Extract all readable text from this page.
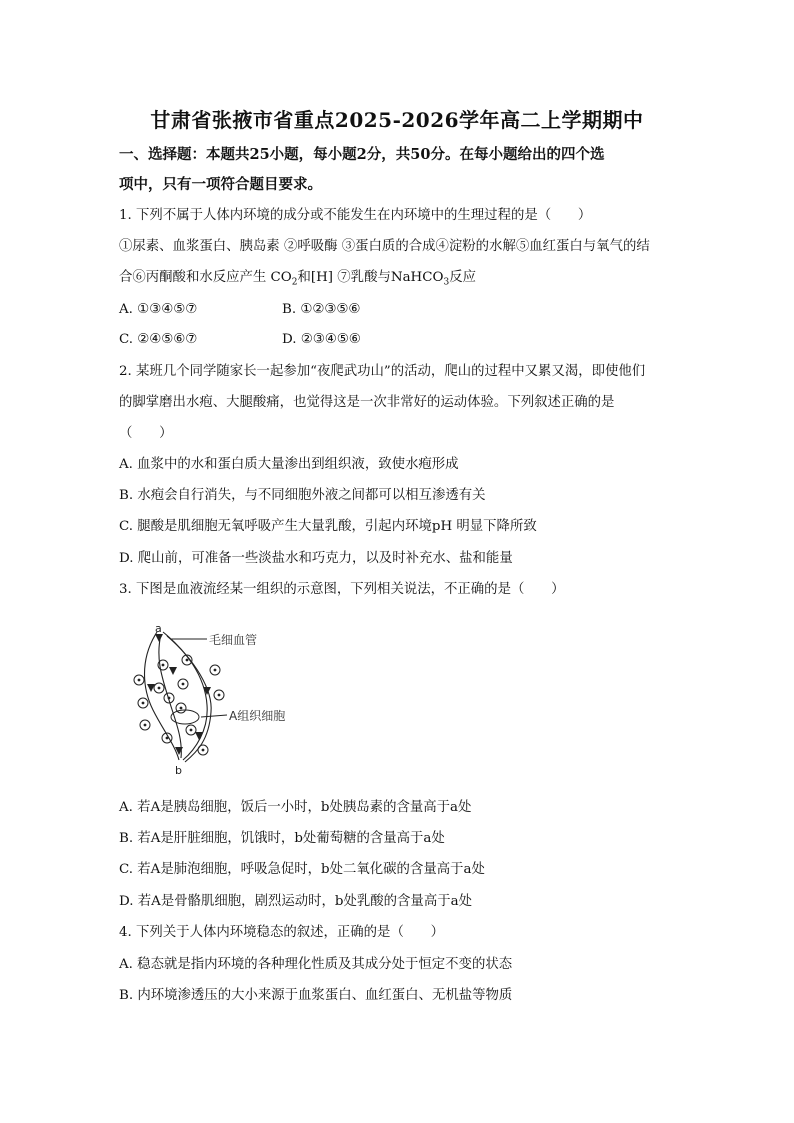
甘肃省张掖市省重点2025-2026学年高二上学期期中
一、选择题：本题共25小题，每小题2分，共50分。在每小题给出的四个选
项中，只有一项符合题目要求。
1. 下列不属于人体内环境的成分或不能发生在内环境中的生理过程的是（　　）
①尿素、血浆蛋白、胰岛素 ②呼吸酶 ③蛋白质的合成④淀粉的水解⑤血红蛋白与氧气的结
合⑥丙酮酸和水反应产生 $CO_2$和[H] ⑦乳酸与NaHCO$_3$反应
A. ①③④⑤⑦	B. ①②③⑤⑥
C. ②④⑤⑥⑦	D. ②③④⑤⑥
2. 某班几个同学随家长一起参加“夜爬武功山”的活动，爬山的过程中又累又渴，即使他们
的脚掌磨出水疱、大腿酸痛，也觉得这是一次非常好的运动体验。下列叙述正确的是
（　　）
A. 血浆中的水和蛋白质大量渗出到组织液，致使水疱形成
B. 水疱会自行消失，与不同细胞外液之间都可以相互渗透有关
C. 腿酸是肌细胞无氧呼吸产生大量乳酸，引起内环境pH 明显下降所致
D. 爬山前，可准备一些淡盐水和巧克力，以及时补充水、盐和能量
3. 下图是血液流经某一组织的示意图，下列相关说法，不正确的是（　　）
a
毛细血管
A组织细胞
b
A. 若A是胰岛细胞，饭后一小时，b处胰岛素的含量高于a处
B. 若A是肝脏细胞，饥饿时，b处葡萄糖的含量高于a处
C. 若A是肺泡细胞，呼吸急促时，b处二氧化碳的含量高于a处
D. 若A是骨骼肌细胞，剧烈运动时，b处乳酸的含量高于a处
4. 下列关于人体内环境稳态的叙述，正确的是（　　）
A. 稳态就是指内环境的各种理化性质及其成分处于恒定不变的状态
B. 内环境渗透压的大小来源于血浆蛋白、血红蛋白、无机盐等物质
